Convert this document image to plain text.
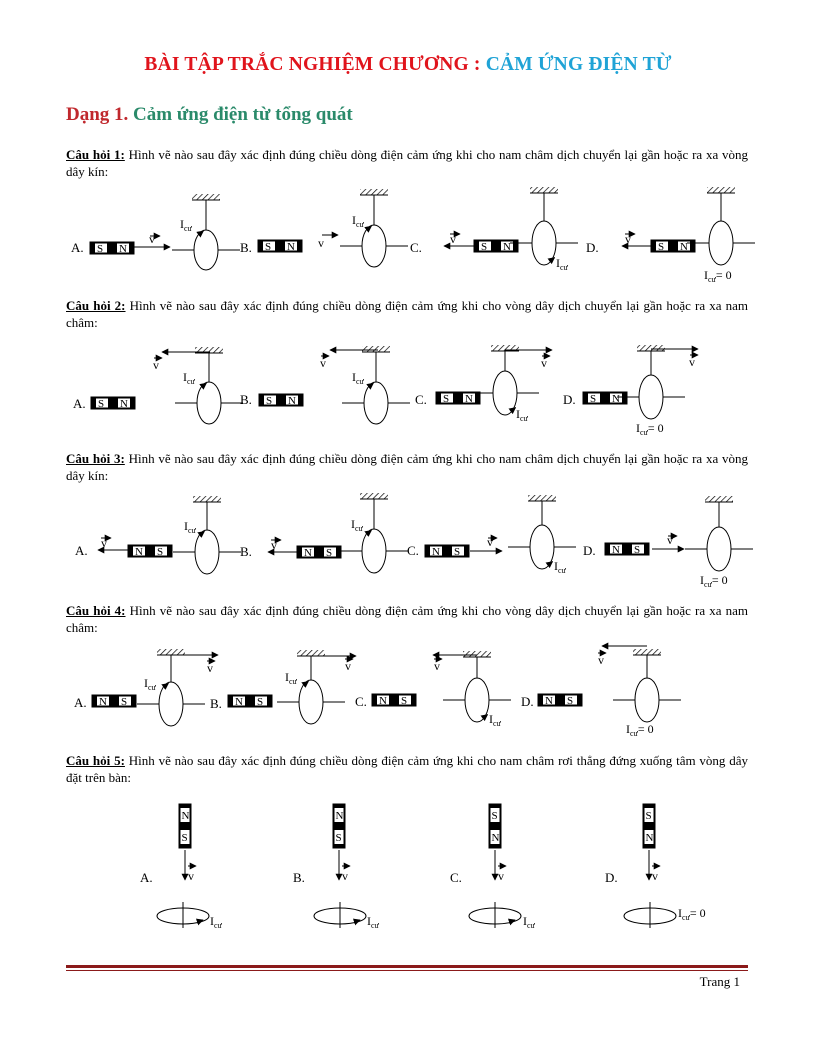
BÀI TẬP TRẮC NGHIỆM CHƯƠNG : CẢM ỨNG ĐIỆN TỪ
Dạng 1. Cảm ứng điện từ tổng quát
Câu hỏi 1: Hình vẽ nào sau đây xác định đúng chiều dòng điện cảm ứng khi cho nam châm dịch chuyển lại gần hoặc ra xa vòng dây kín:
Câu hỏi 2: Hình vẽ nào sau đây xác định đúng chiều dòng điện cảm ứng khi cho vòng dây dịch chuyển lại gần hoặc ra xa nam châm:
Câu hỏi 3: Hình vẽ nào sau đây xác định đúng chiều dòng điện cảm ứng khi cho nam châm dịch chuyển lại gần hoặc ra xa vòng dây kín:
Câu hỏi 4: Hình vẽ nào sau đây xác định đúng chiều dòng điện cảm ứng khi cho vòng dây dịch chuyển lại gần hoặc ra xa nam châm:
Câu hỏi 5: Hình vẽ nào sau đây xác định đúng chiều dòng điện cảm ứng khi cho nam châm rơi thẳng đứng xuống tâm vòng dây đặt trên bàn:
A. S N
v
$I_{cư}$
B. S N v
$I_{cư}$
C.	S N
v
$I_{cư}$
D.	S N
v
$I_{cư}= 0$
A. S N
$I_{cư}$
v
B. S N
$I_{cư}$
v
C. S N
$I_{cư}$
v
D. S N
$I_{cư}= 0$
v
A.	N S
v
$I_{cư}$
B.	N S
v
$I_{cư}$
C. N S
v
$I_{cư}$
D. N S
v
$I_{cư}= 0$
A. N S
$I_{cư}$
v
B. N S
$I_{cư}$
v
C. N S
$I_{cư}$
v
D. N S
$I_{cư}= 0$
v
A.
N
S
v
$I_{cư}$
B.
N
S
v
$I_{cư}$
C.
S
N
v
$I_{cư}$
D.
S
N
v
$I_{cư}= 0$
Trang 1
